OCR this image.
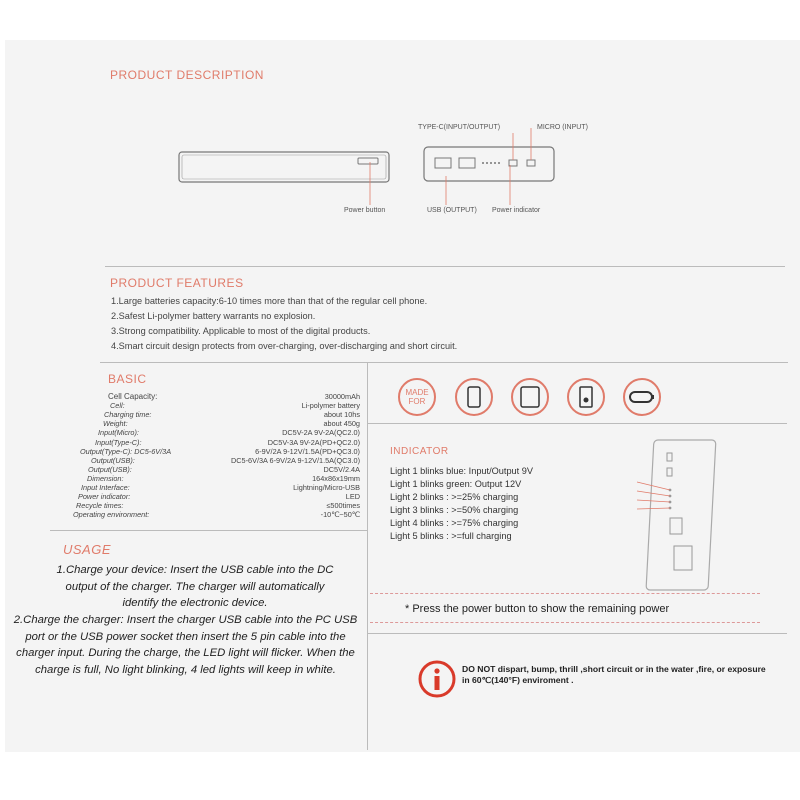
PRODUCT DESCRIPTION
TYPE-C(INPUT/OUTPUT)	MICRO (INPUT)
Power button	USB (OUTPUT) Power indicator
PRODUCT FEATURES
1.Large batteries capacity:6-10 times more than that of the regular cell phone.
2.Safest Li-polymer battery warrants no explosion.
3.Strong compatibility. Applicable to most of the digital products.
4.Smart circuit design protects from over-charging, over-discharging and short circuit.
BASIC
Cell Capacity:	30000mAh
Cell:	Li-polymer battery
Charging time:	about 10hs
Weight:	about 450g
Input(Micro):	DC5V-2A 9V-2A(QC2.0)
Input(Type-C):	DC5V-3A 9V-2A(PD+QC2.0)
Output(Type-C): DC5-6V/3A	6-9V/2A 9-12V/1.5A(PD+QC3.0)
Output(USB):	DC5-6V/3A 6-9V/2A 9-12V/1.5A(QC3.0)
Output(USB):	DC5V/2.4A
Dimension:	164x86x19mm
Input Interface:	Lightning/Micro-USB
Power indicator:	LED
Recycle times:	≤500times
Operating environment:	-10℃~50℃
USAGE
1.Charge your device: Insert the USB cable into the DC output of the charger. The charger will automatically identify the electronic device.
2.Charge the charger: Insert the charger USB cable into the PC USB port or the USB power socket then insert the 5 pin cable into the charger input. During the charge, the LED light will flicker. When the charge is full, No light blinking, 4 led lights will keep in white.
MADE
FOR
INDICATOR
Light 1 blinks blue: Input/Output 9V
Light 1 blinks green: Output 12V
Light 2 blinks : >=25% charging
Light 3 blinks : >=50% charging
Light 4 blinks : >=75% charging
Light 5 blinks : >=full charging
* Press the power button to show the remaining power
DO NOT dispart, bump, thrill ,short circuit or in the water ,fire, or exposure in 60℃(140°F) enviroment .
